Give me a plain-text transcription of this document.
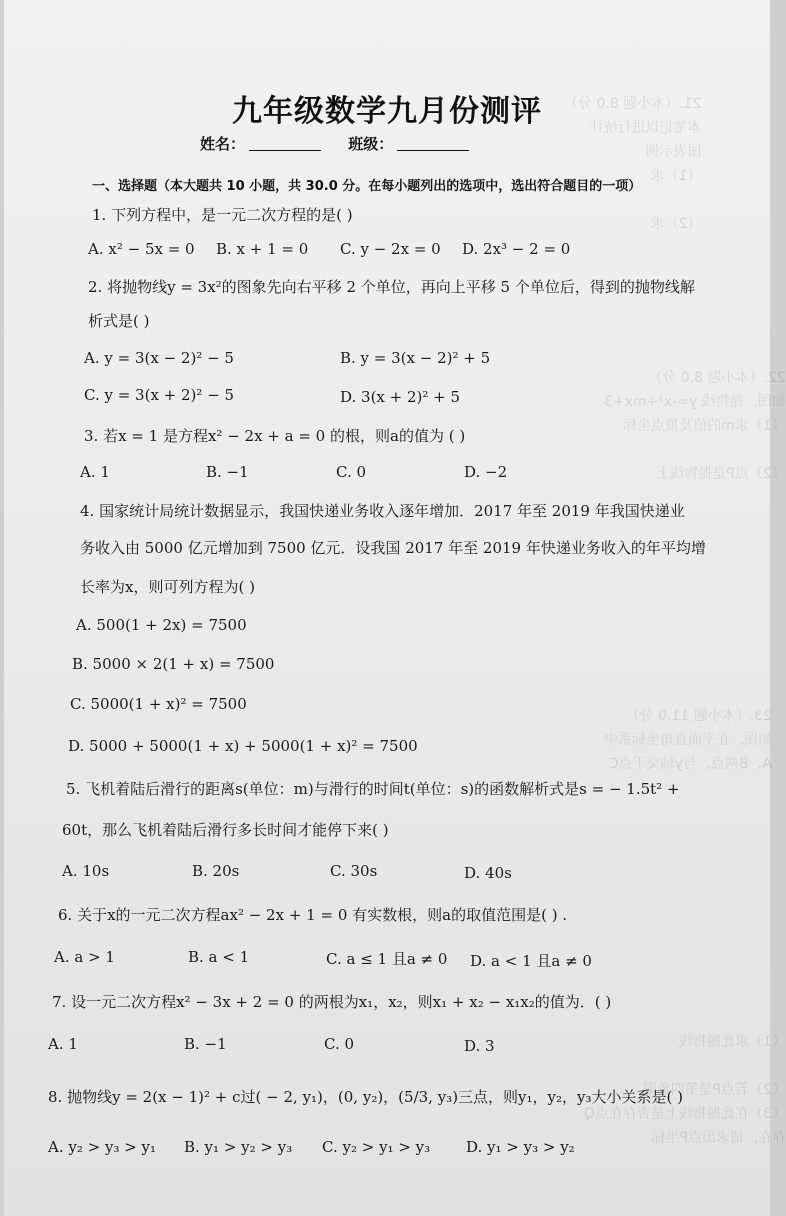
21.（本小题 8.0 分）
本笔记以进行统计
图表示例
（1）求

（2）求
22.（本小题 8.0 分）
如图，抛物线 y=-x²+mx+3
（1）求m的值及顶点坐标

（2）点P是抛物线上
23.（本小题 11.0 分）
如图，在平面直角坐标系中
A、B两点，与y轴交于点C
（1）求此抛物线

（2）若点P是第四象限
（3）在此抛物线上是否存在点Q
存在，请求出点P坐标
九年级数学九月份测评
姓名：	班级：
一、选择题（本大题共 10 小题，共 30.0 分。在每小题列出的选项中，选出符合题目的一项）
1. 下列方程中，是一元二次方程的是( )
A. x² − 5x = 0 B. x + 1 = 0 C. y − 2x = 0 D. 2x³ − 2 = 0
2. 将抛物线y = 3x²的图象先向右平移 2 个单位，再向上平移 5 个单位后，得到的抛物线解
析式是( )
A. y = 3(x − 2)² − 5	B. y = 3(x − 2)² + 5
C. y = 3(x + 2)² − 5	D. 3(x + 2)² + 5
3. 若x = 1 是方程x² − 2x + a = 0 的根，则a的值为 ( )
A. 1	B. −1	C. 0	D. −2
4. 国家统计局统计数据显示，我国快递业务收入逐年增加．2017 年至 2019 年我国快递业
务收入由 5000 亿元增加到 7500 亿元．设我国 2017 年至 2019 年快递业务收入的年平均增
长率为x，则可列方程为( )
A. 500(1 + 2x) = 7500
B. 5000 × 2(1 + x) = 7500
C. 5000(1 + x)² = 7500
D. 5000 + 5000(1 + x) + 5000(1 + x)² = 7500
5. 飞机着陆后滑行的距离s(单位：m)与滑行的时间t(单位：s)的函数解析式是s = − 1.5t² +
60t，那么飞机着陆后滑行多长时间才能停下来( )
A. 10s	B. 20s	C. 30s	D. 40s
6. 关于x的一元二次方程ax² − 2x + 1 = 0 有实数根，则a的取值范围是( ) .
A. a > 1	B. a < 1	C. a ≤ 1 且a ≠ 0 D. a < 1 且a ≠ 0
7. 设一元二次方程x² − 3x + 2 = 0 的两根为x₁，x₂，则x₁ + x₂ − x₁x₂的值为．( )
A. 1	B. −1	C. 0	D. 3
8. 抛物线y = 2(x − 1)² + c过( − 2, y₁)，(0, y₂)，(5/3, y₃)三点，则y₁，y₂，y₃大小关系是( )
A. y₂ > y₃ > y₁ B. y₁ > y₂ > y₃ C. y₂ > y₁ > y₃ D. y₁ > y₃ > y₂
